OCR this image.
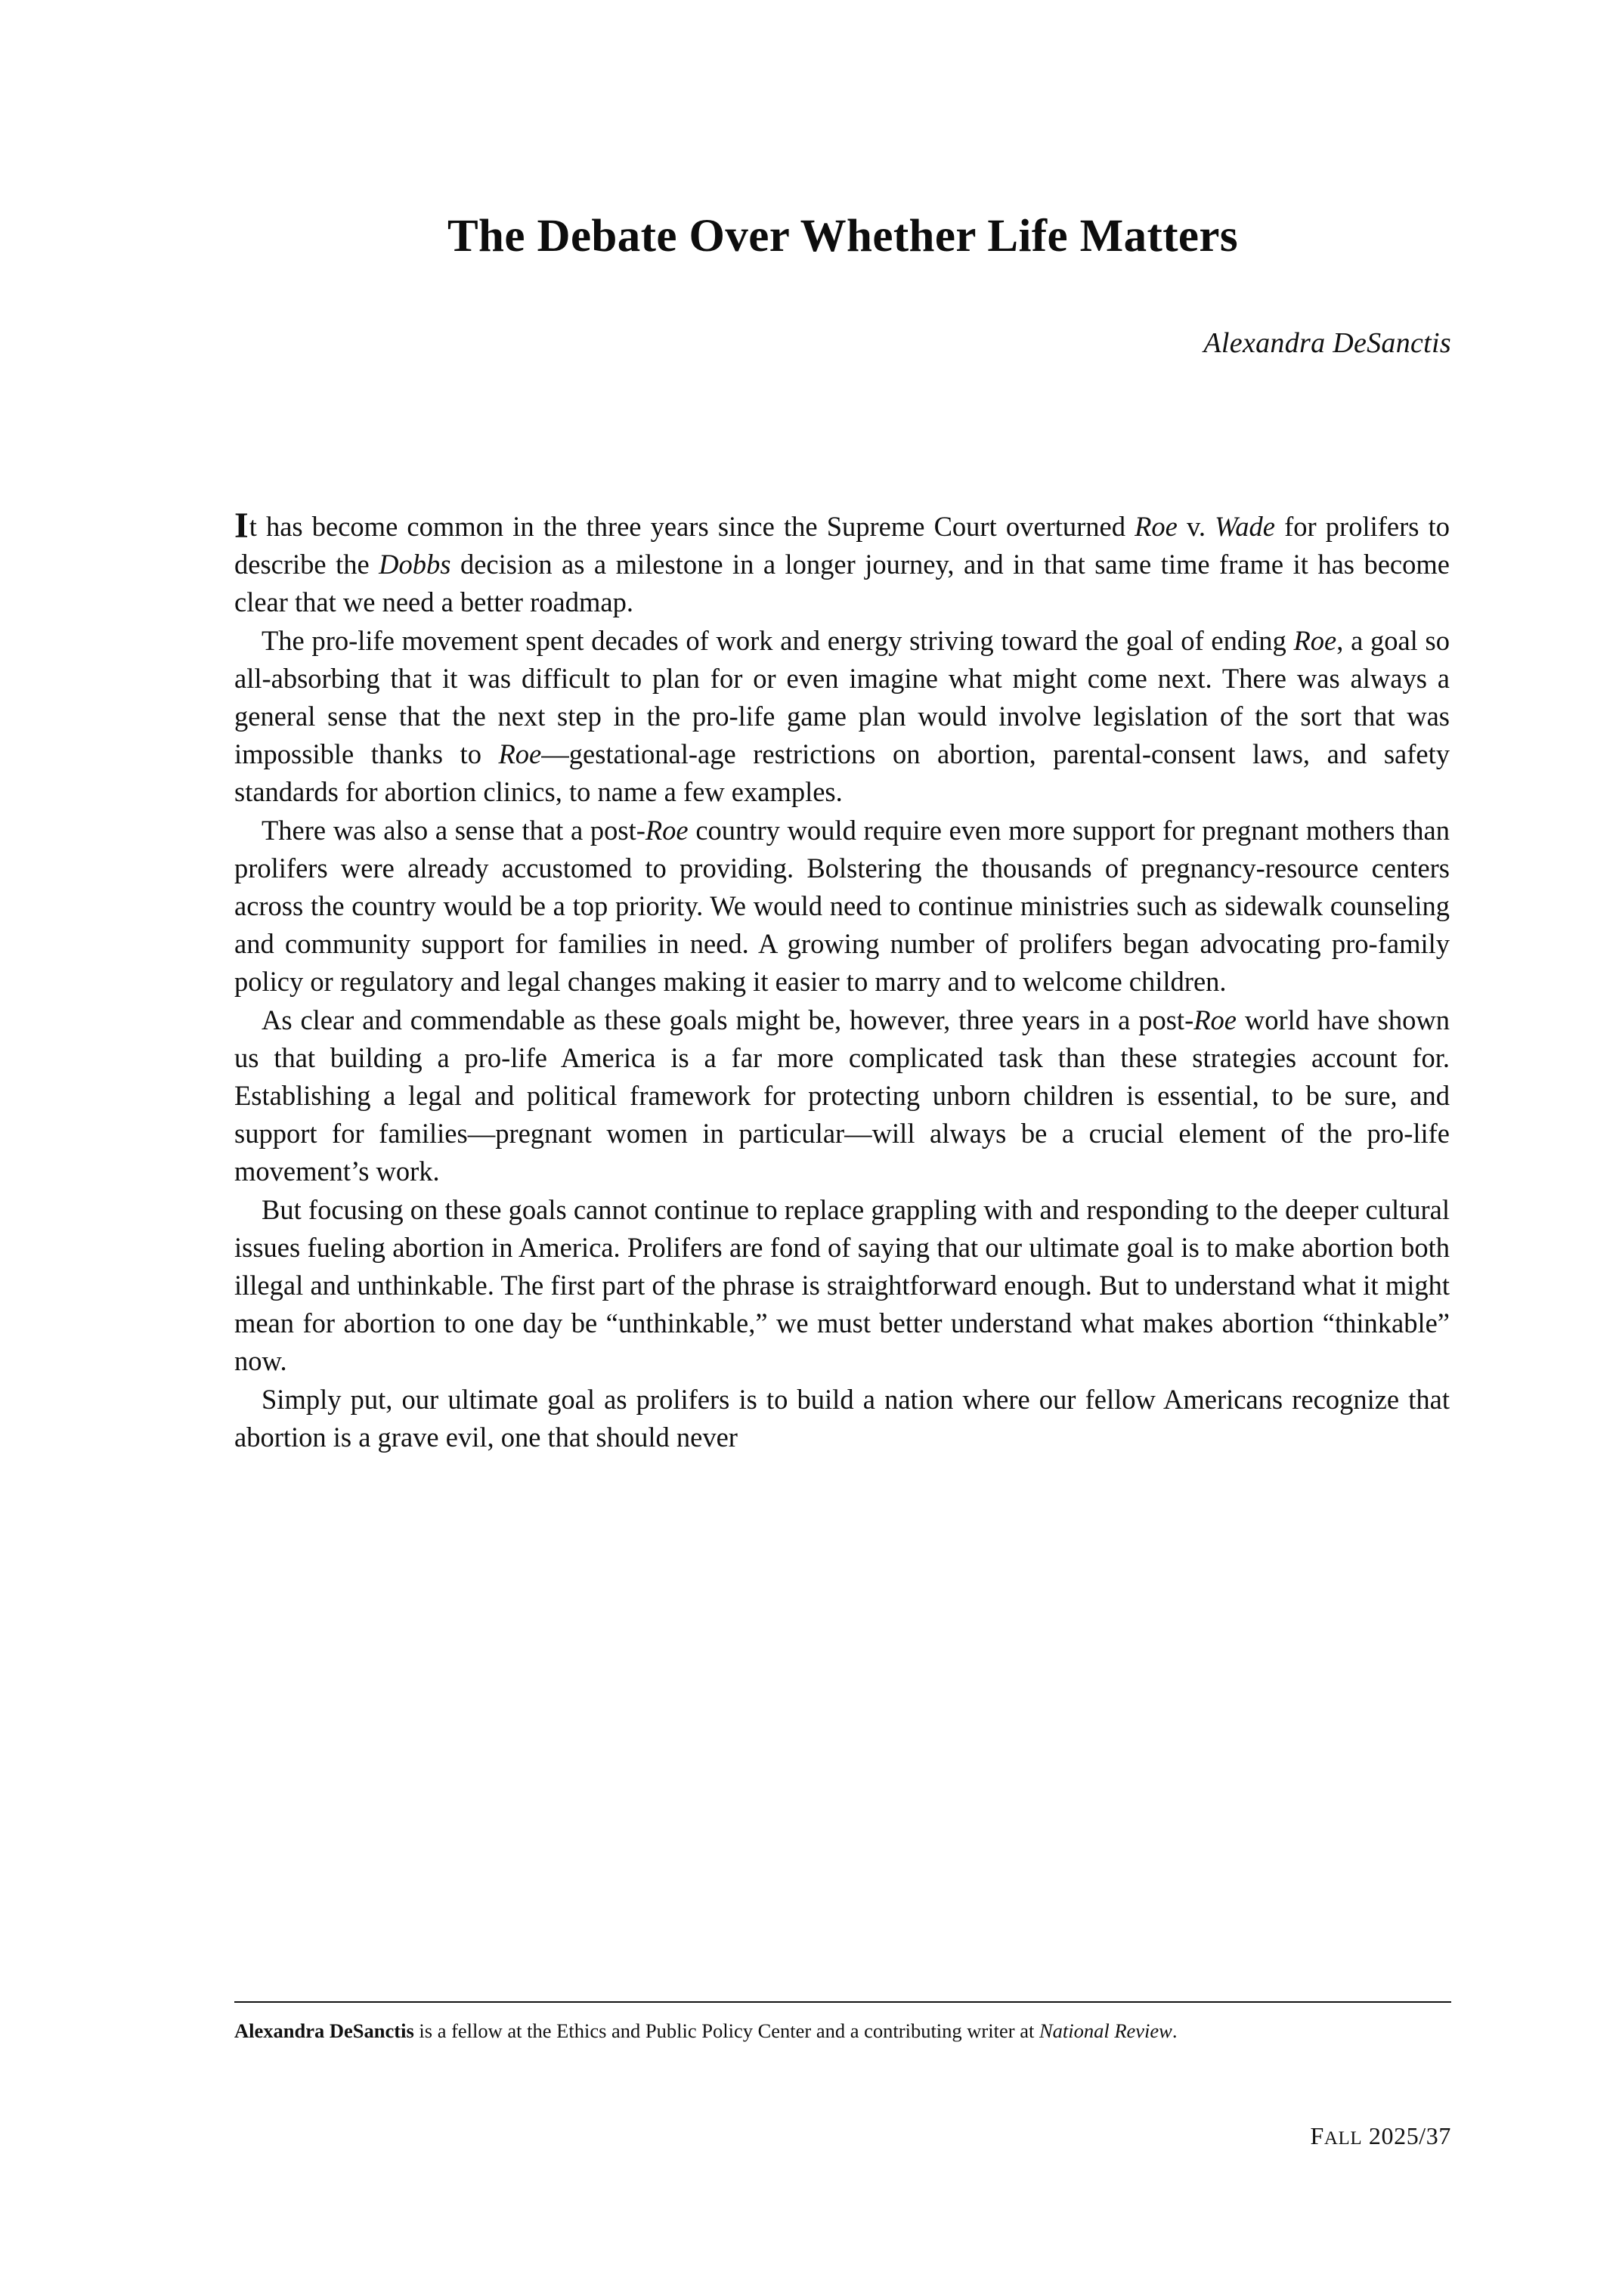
The Debate Over Whether Life Matters
Alexandra DeSanctis

It has become common in the three years since the Supreme Court overturned Roe v. Wade for prolifers to describe the Dobbs decision as a milestone in a longer journey, and in that same time frame it has become clear that we need a better roadmap.

The pro-life movement spent decades of work and energy striving toward the goal of ending Roe, a goal so all-absorbing that it was difficult to plan for or even imagine what might come next. There was always a general sense that the next step in the pro-life game plan would involve legislation of the sort that was impossible thanks to Roe—gestational-age restrictions on abortion, parental-consent laws, and safety standards for abortion clinics, to name a few examples.

There was also a sense that a post-Roe country would require even more support for pregnant mothers than prolifers were already accustomed to providing. Bolstering the thousands of pregnancy-resource centers across the country would be a top priority. We would need to continue ministries such as sidewalk counseling and community support for families in need. A growing number of prolifers began advocating pro-family policy or regulatory and legal changes making it easier to marry and to welcome children.

As clear and commendable as these goals might be, however, three years in a post-Roe world have shown us that building a pro-life America is a far more complicated task than these strategies account for. Establishing a legal and political framework for protecting unborn children is essential, to be sure, and support for families—pregnant women in particular—will always be a crucial element of the pro-life movement’s work.

But focusing on these goals cannot continue to replace grappling with and responding to the deeper cultural issues fueling abortion in America. Prolifers are fond of saying that our ultimate goal is to make abortion both illegal and unthinkable. The first part of the phrase is straightforward enough. But to understand what it might mean for abortion to one day be “unthinkable,” we must better understand what makes abortion “thinkable” now.

Simply put, our ultimate goal as prolifers is to build a nation where our fellow Americans recognize that abortion is a grave evil, one that should never

Alexandra DeSanctis is a fellow at the Ethics and Public Policy Center and a contributing writer at National Review.

FALL 2025/37
